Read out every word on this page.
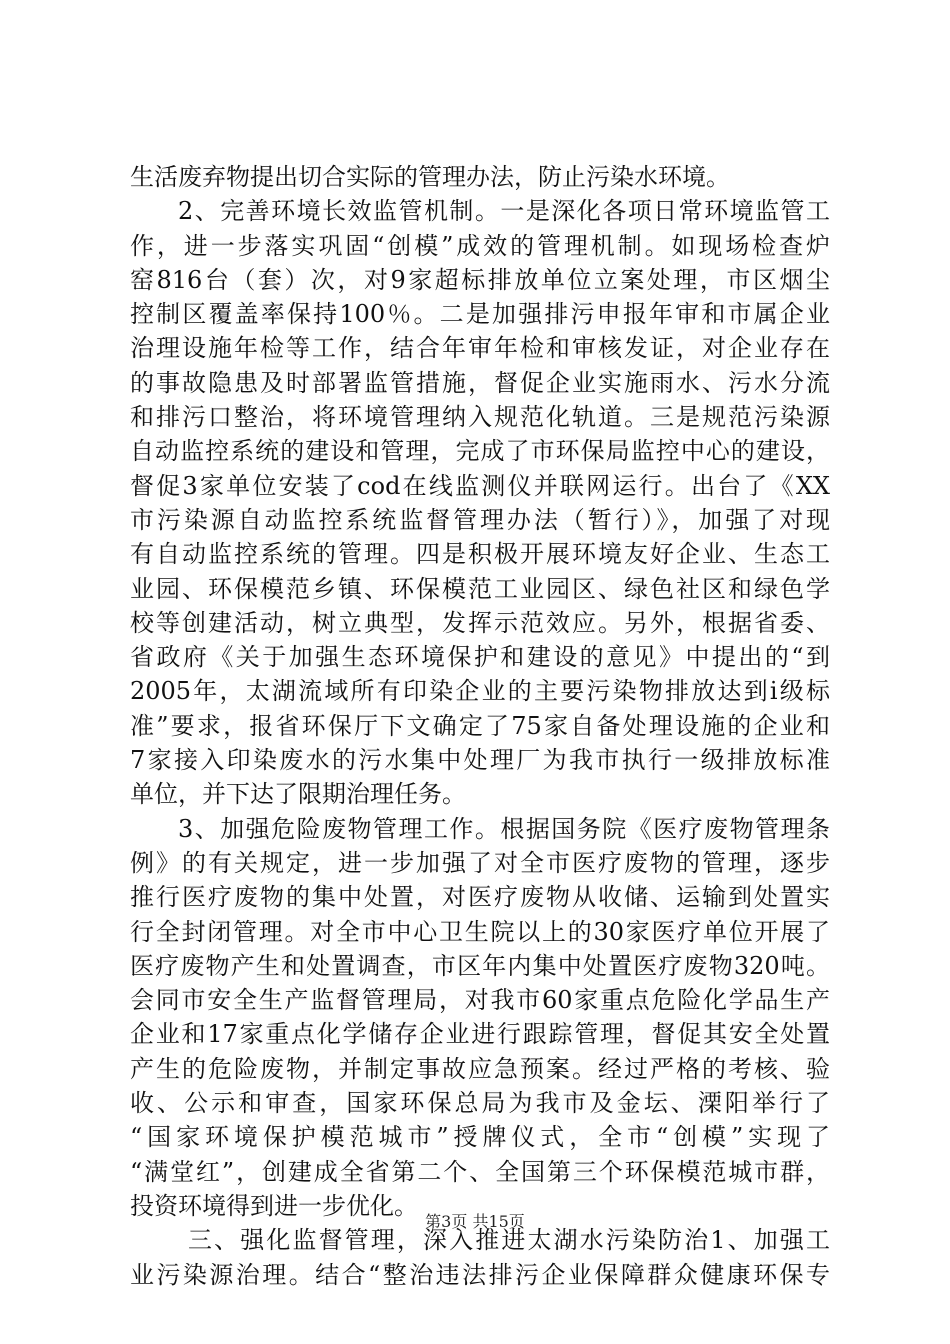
生活废弃物提出切合实际的管理办法，防止污染水环境。
2、完善环境长效监管机制。一是深化各项日常环境监管工
作，进一步落实巩固“创模”成效的管理机制。如现场检查炉
窑816台（套）次，对9家超标排放单位立案处理，市区烟尘
控制区覆盖率保持100％。二是加强排污申报年审和市属企业
治理设施年检等工作，结合年审年检和审核发证，对企业存在
的事故隐患及时部署监管措施，督促企业实施雨水、污水分流
和排污口整治，将环境管理纳入规范化轨道。三是规范污染源
自动监控系统的建设和管理，完成了市环保局监控中心的建设，
督促3家单位安装了cod在线监测仪并联网运行。出台了《XX
市污染源自动监控系统监督管理办法（暂行）》，加强了对现
有自动监控系统的管理。四是积极开展环境友好企业、生态工
业园、环保模范乡镇、环保模范工业园区、绿色社区和绿色学
校等创建活动，树立典型，发挥示范效应。另外，根据省委、
省政府《关于加强生态环境保护和建设的意见》中提出的“到
2005年，太湖流域所有印染企业的主要污染物排放达到i级标
准”要求，报省环保厅下文确定了75家自备处理设施的企业和
7家接入印染废水的污水集中处理厂为我市执行一级排放标准
单位，并下达了限期治理任务。
3、加强危险废物管理工作。根据国务院《医疗废物管理条
例》的有关规定，进一步加强了对全市医疗废物的管理，逐步
推行医疗废物的集中处置，对医疗废物从收储、运输到处置实
行全封闭管理。对全市中心卫生院以上的30家医疗单位开展了
医疗废物产生和处置调查，市区年内集中处置医疗废物320吨。
会同市安全生产监督管理局，对我市60家重点危险化学品生产
企业和17家重点化学储存企业进行跟踪管理，督促其安全处置
产生的危险废物，并制定事故应急预案。经过严格的考核、验
收、公示和审查，国家环保总局为我市及金坛、溧阳举行了
“国家环境保护模范城市”授牌仪式，全市“创模”实现了
“满堂红”，创建成全省第二个、全国第三个环保模范城市群，
投资环境得到进一步优化。
三、强化监督管理，深入推进太湖水污染防治1、加强工
业污染源治理。结合“整治违法排污企业保障群众健康环保专
第3页 共15页
